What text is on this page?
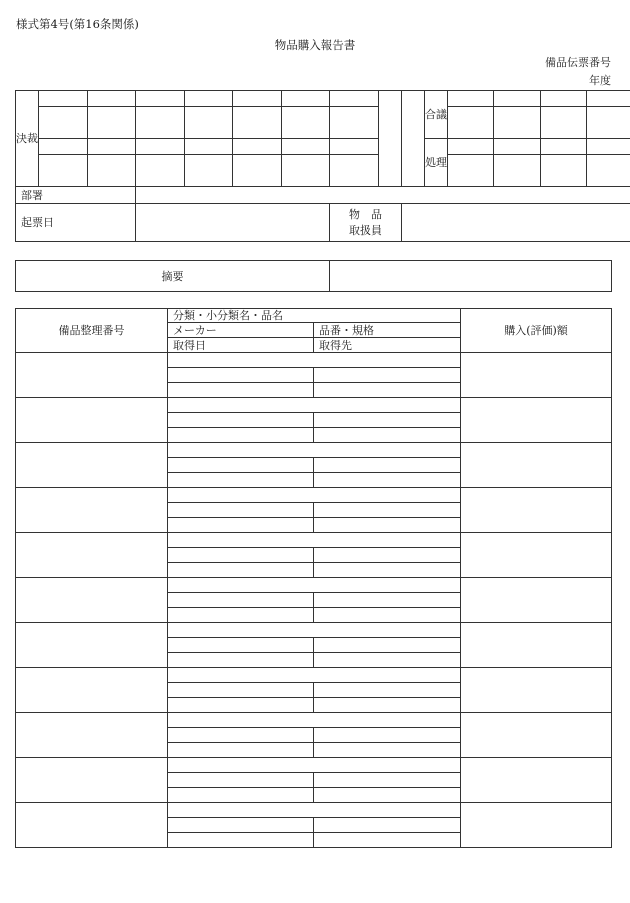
様式第4号(第16条関係)
物品購入報告書
備品伝票番号
年度
決裁										合議				

										処理				

部署														
起票日							物　品
取扱員							

摘要	
備品整理番号	分類・小分類名・品名		購入(評価)額
	メーカー	品番・規格	
	取得日	取得先	
